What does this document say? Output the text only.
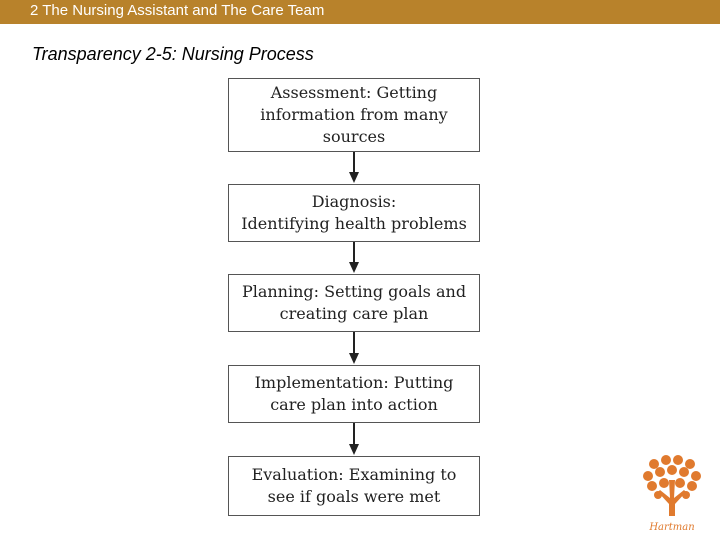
2 The Nursing Assistant and The Care Team
Transparency 2-5: Nursing Process
Assessment: Getting
information from many
sources
Diagnosis:
Identifying health problems
Planning: Setting goals and
creating care plan
Implementation: Putting
care plan into action
Evaluation: Examining to
see if goals were met
Hartman
